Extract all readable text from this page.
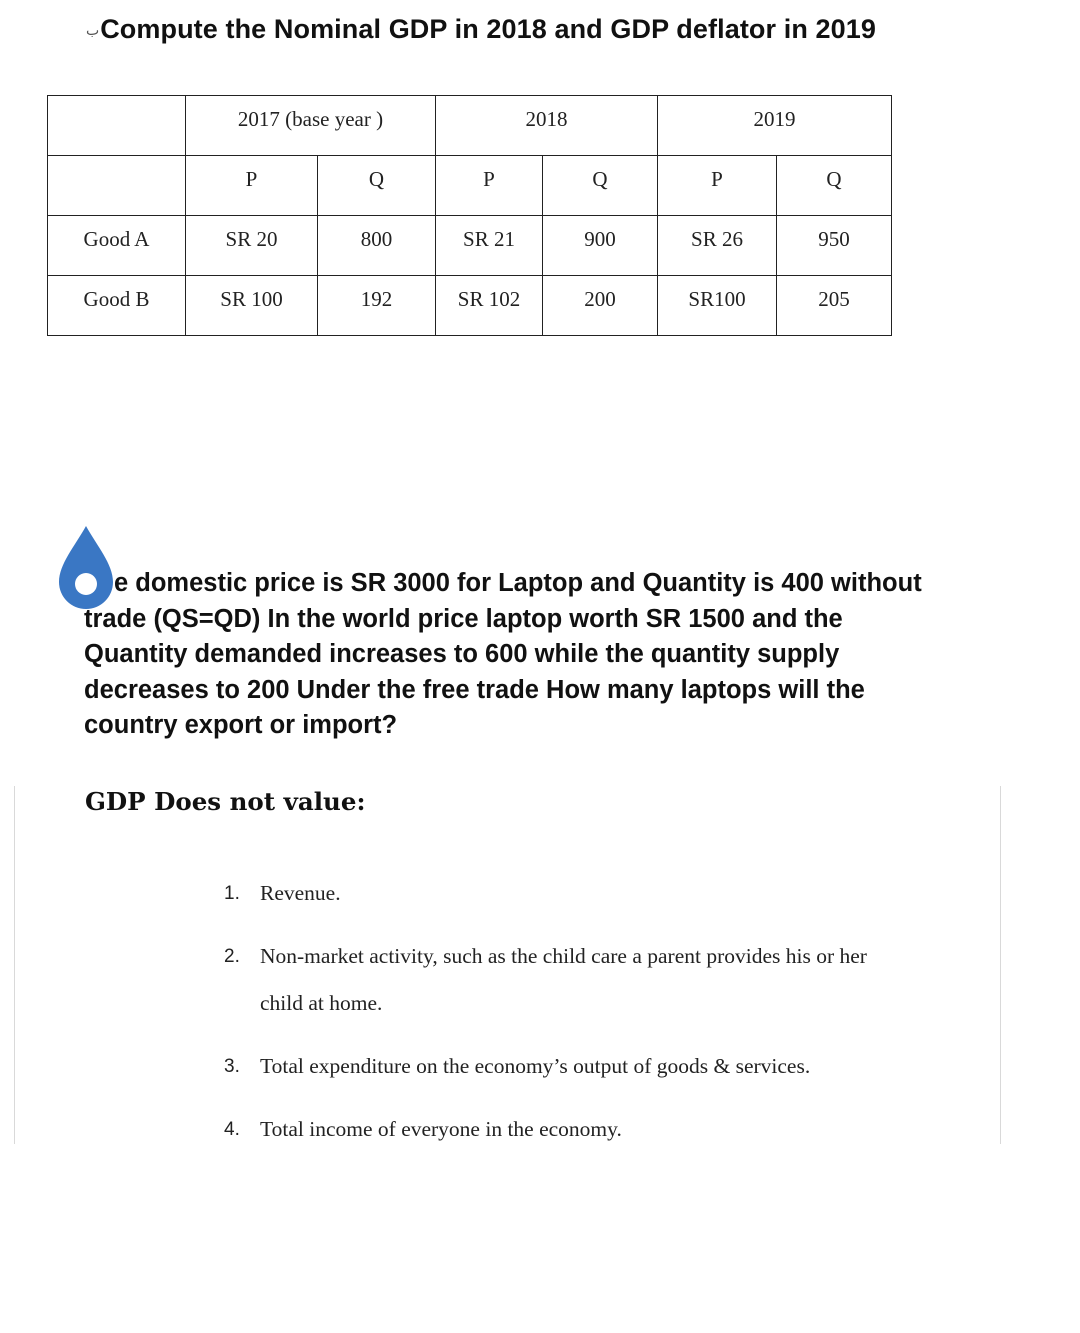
بCompute the Nominal GDP in 2018 and GDP deflator in 2019
	2017 (base year )		2018		2019	
	P	Q	P	Q	P	Q
Good A	SR 20	800	SR 21	900	SR 26	950
Good B	SR 100	192	SR 102	200	SR100	205
e domestic price is SR 3000 for Laptop and Quantity is 400 without
trade (QS=QD) In the world price laptop worth SR 1500 and the
Quantity demanded increases to 600 while the quantity supply
decreases to 200 Under the free trade How many laptops will the
country export or import?
GDP Does not value:
1. Revenue.
2. Non-market activity, such as the child care a parent provides his or her
child at home.
3. Total expenditure on the economy’s output of goods & services.
4. Total income of everyone in the economy.
